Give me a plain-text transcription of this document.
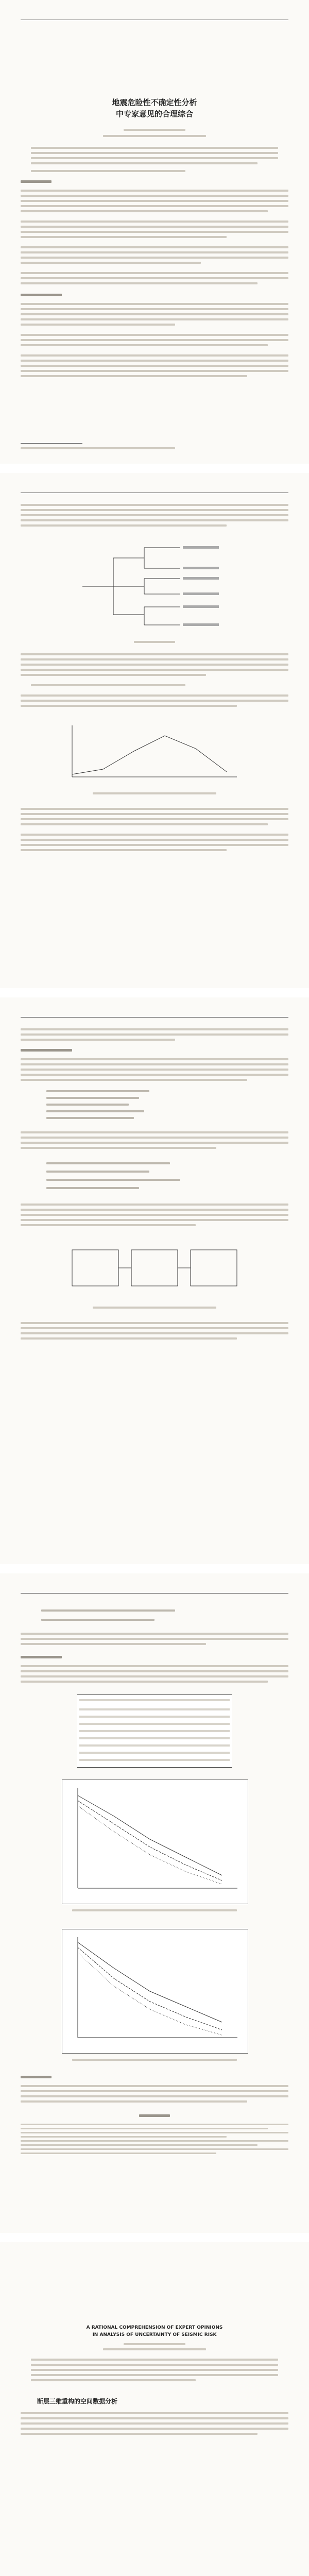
地震危险性不确定性分析
中专家意见的合理综合
A RATIONAL COMPREHENSION OF EXPERT OPINIONS
IN ANALYSIS OF UNCERTAINTY OF SEISMIC RISK
断层三维重构的空间数据分析
